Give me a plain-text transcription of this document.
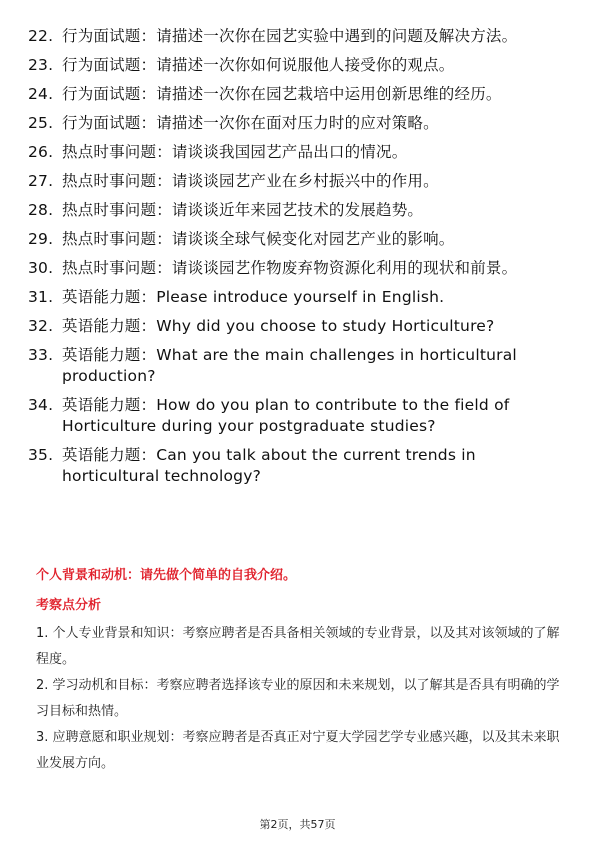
22. 行为面试题：请描述一次你在园艺实验中遇到的问题及解决方法。
23. 行为面试题：请描述一次你如何说服他人接受你的观点。
24. 行为面试题：请描述一次你在园艺栽培中运用创新思维的经历。
25. 行为面试题：请描述一次你在面对压力时的应对策略。
26. 热点时事问题：请谈谈我国园艺产品出口的情况。
27. 热点时事问题：请谈谈园艺产业在乡村振兴中的作用。
28. 热点时事问题：请谈谈近年来园艺技术的发展趋势。
29. 热点时事问题：请谈谈全球气候变化对园艺产业的影响。
30. 热点时事问题：请谈谈园艺作物废弃物资源化利用的现状和前景。
31. 英语能力题：Please introduce yourself in English.
32. 英语能力题：Why did you choose to study Horticulture?
33. 英语能力题：What are the main challenges in horticultural production?
34. 英语能力题：How do you plan to contribute to the field of Horticulture during your postgraduate studies?
35. 英语能力题：Can you talk about the current trends in horticultural technology?
个人背景和动机：请先做个简单的自我介绍。
考察点分析
1. 个人专业背景和知识：考察应聘者是否具备相关领域的专业背景，以及其对该领域的了解程度。
2. 学习动机和目标：考察应聘者选择该专业的原因和未来规划，以了解其是否具有明确的学习目标和热情。
3. 应聘意愿和职业规划：考察应聘者是否真正对宁夏大学园艺学专业感兴趣，以及其未来职业发展方向。
第2页，共57页
